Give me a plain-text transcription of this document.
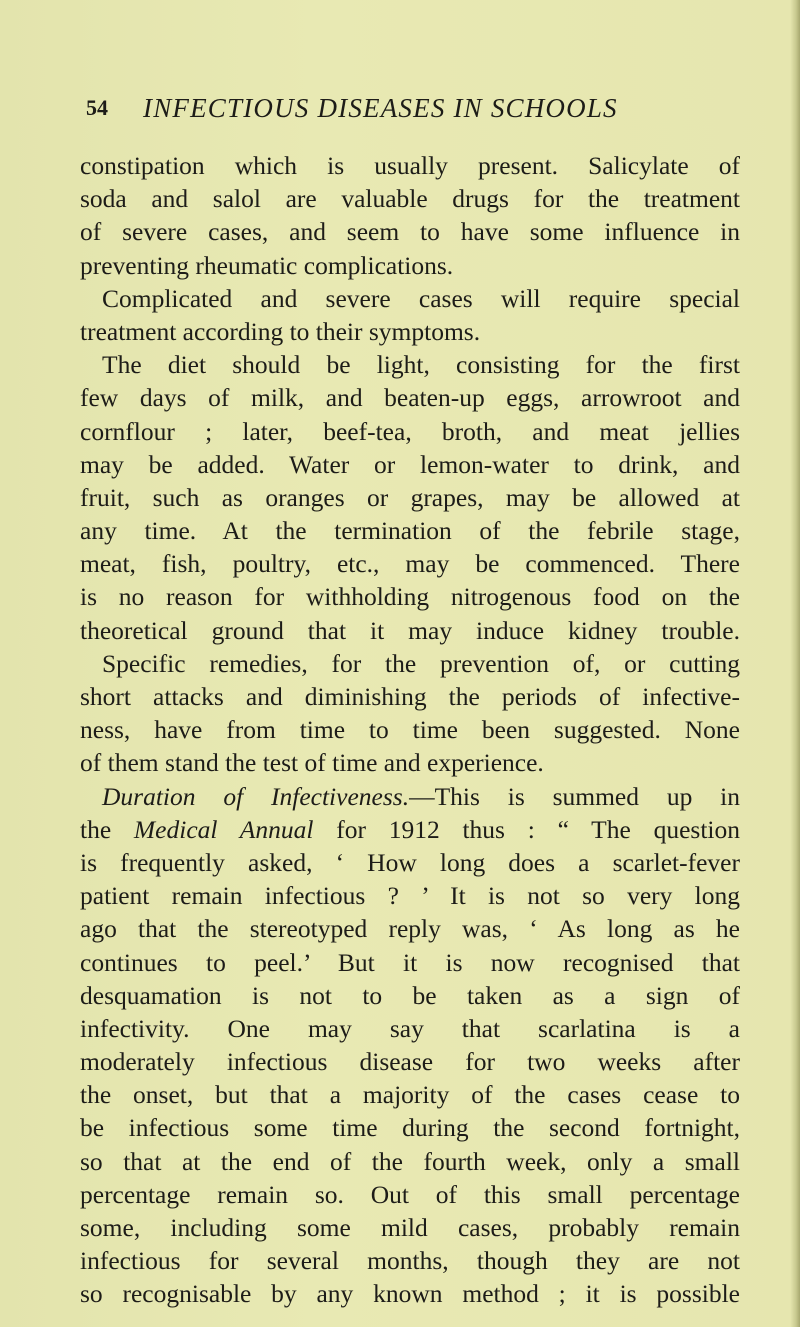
54 INFECTIOUS DISEASES IN SCHOOLS
constipation which is usually present. Salicylate of
soda and salol are valuable drugs for the treatment
of severe cases, and seem to have some influence in
preventing rheumatic complications.
Complicated and severe cases will require special
treatment according to their symptoms.
The diet should be light, consisting for the first
few days of milk, and beaten-up eggs, arrowroot and
cornflour ; later, beef-tea, broth, and meat jellies
may be added. Water or lemon-water to drink, and
fruit, such as oranges or grapes, may be allowed at
any time. At the termination of the febrile stage,
meat, fish, poultry, etc., may be commenced. There
is no reason for withholding nitrogenous food on the
theoretical ground that it may induce kidney trouble.
Specific remedies, for the prevention of, or cutting
short attacks and diminishing the periods of infective-
ness, have from time to time been suggested. None
of them stand the test of time and experience.
Duration of Infectiveness.—This is summed up in
the Medical Annual for 1912 thus : “ The question
is frequently asked, ‘ How long does a scarlet-fever
patient remain infectious ? ’ It is not so very long
ago that the stereotyped reply was, ‘ As long as he
continues to peel.’ But it is now recognised that
desquamation is not to be taken as a sign of
infectivity. One may say that scarlatina is a
moderately infectious disease for two weeks after
the onset, but that a majority of the cases cease to
be infectious some time during the second fortnight,
so that at the end of the fourth week, only a small
percentage remain so. Out of this small percentage
some, including some mild cases, probably remain
infectious for several months, though they are not
so recognisable by any known method ; it is possible
